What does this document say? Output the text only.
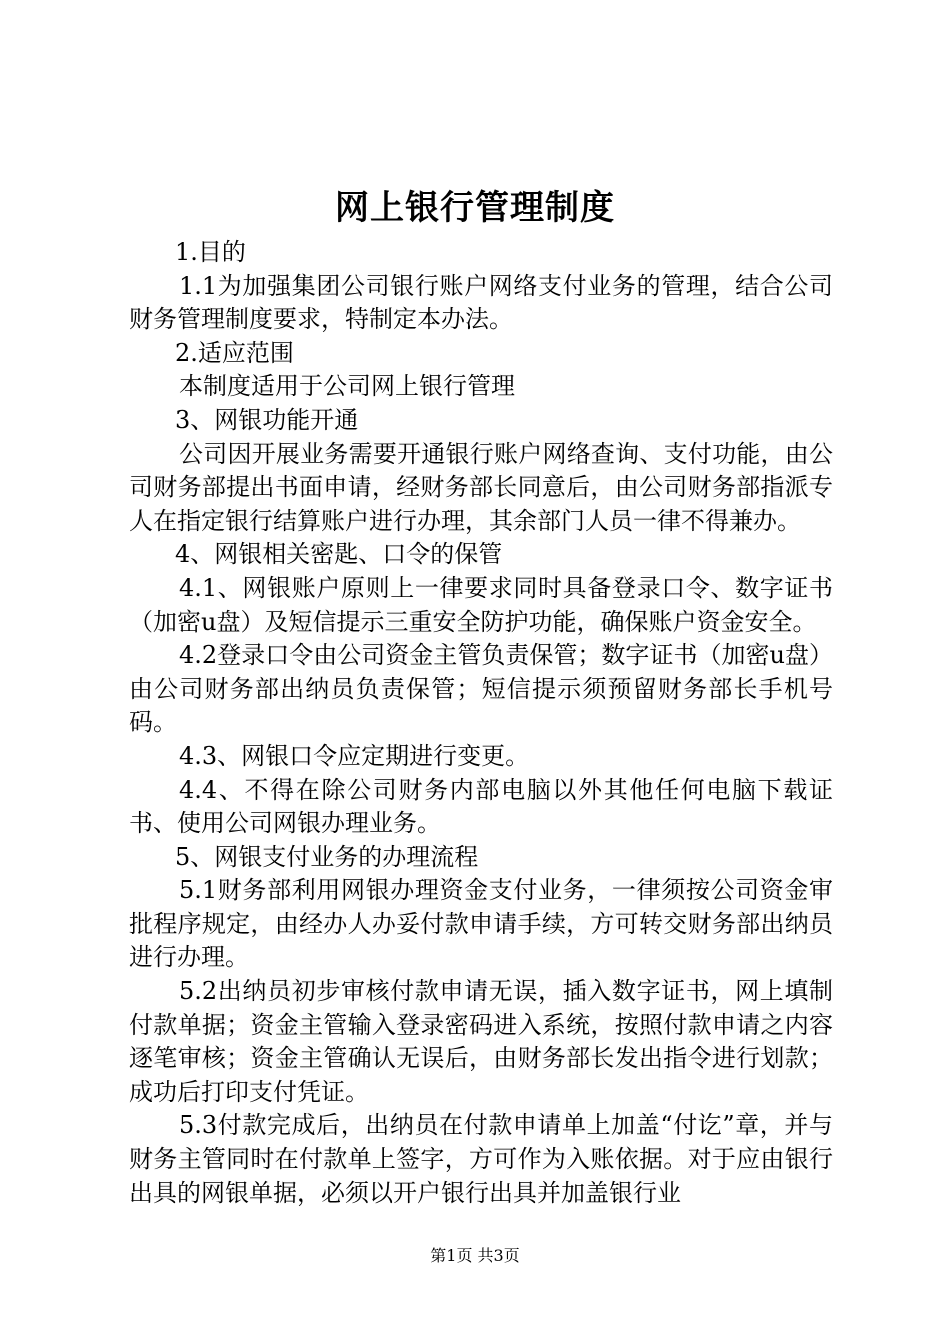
网上银行管理制度

1.目的

1.1为加强集团公司银行账户网络支付业务的管理，结合公司财务管理制度要求，特制定本办法。

2.适应范围

本制度适用于公司网上银行管理

3、网银功能开通

公司因开展业务需要开通银行账户网络查询、支付功能，由公司财务部提出书面申请，经财务部长同意后，由公司财务部指派专人在指定银行结算账户进行办理，其余部门人员一律不得兼办。

4、网银相关密匙、口令的保管

4.1、网银账户原则上一律要求同时具备登录口令、数字证书（加密u盘）及短信提示三重安全防护功能，确保账户资金安全。

4.2登录口令由公司资金主管负责保管；数字证书（加密u盘）由公司财务部出纳员负责保管；短信提示须预留财务部长手机号码。

4.3、网银口令应定期进行变更。

4.4、不得在除公司财务内部电脑以外其他任何电脑下载证书、使用公司网银办理业务。

5、网银支付业务的办理流程

5.1财务部利用网银办理资金支付业务，一律须按公司资金审批程序规定，由经办人办妥付款申请手续，方可转交财务部出纳员进行办理。

5.2出纳员初步审核付款申请无误，插入数字证书，网上填制付款单据；资金主管输入登录密码进入系统，按照付款申请之内容逐笔审核；资金主管确认无误后，由财务部长发出指令进行划款；成功后打印支付凭证。

5.3付款完成后，出纳员在付款申请单上加盖“付讫”章，并与财务主管同时在付款单上签字，方可作为入账依据。对于应由银行出具的网银单据，必须以开户银行出具并加盖银行业

第1页 共3页
